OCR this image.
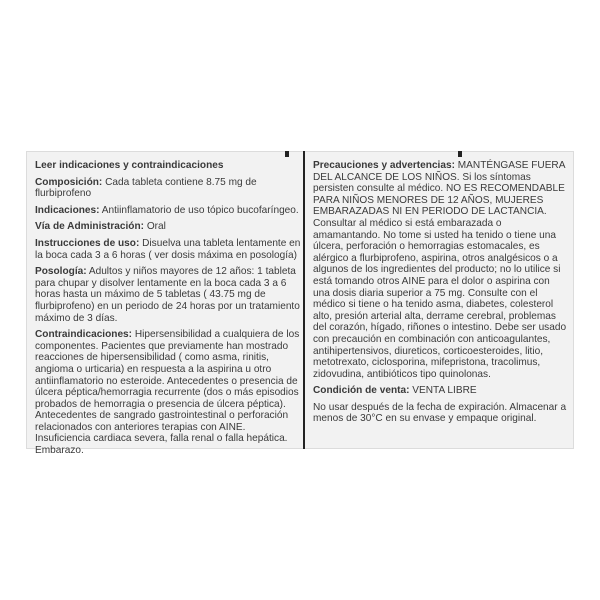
Leer indicaciones y contraindicaciones
Composición: Cada tableta contiene 8.75 mg de flurbiprofeno
Indicaciones: Antiinflamatorio de uso tópico bucofaríngeo.
Vía de Administración: Oral
Instrucciones de uso: Disuelva una tableta lentamente en la boca cada 3 a 6 horas ( ver dosis máxima en posología)
Posología: Adultos y niños mayores de 12 años: 1 tableta para chupar y disolver lentamente en la boca cada 3 a 6 horas hasta un máximo de 5 tabletas ( 43.75 mg de flurbiprofeno) en un periodo de 24 horas por un tratamiento máximo de 3 días.
Contraindicaciones: Hipersensibilidad a cualquiera de los componentes. Pacientes que previamente han mostrado reacciones de hipersensibilidad ( como asma, rinitis, angioma o urticaria) en respuesta a la aspirina u otro antiinflamatorio no esteroide. Antecedentes o presencia de úlcera péptica/hemorragia recurrente (dos o más episodios probados de hemorragia o presencia de úlcera péptica). Antecedentes de sangrado gastrointestinal o perforación relacionados con anteriores terapias con AINE. Insuficiencia cardiaca severa, falla renal o falla hepática. Embarazo.
Precauciones y advertencias: MANTÉNGASE FUERA DEL ALCANCE DE LOS NIÑOS. Si los síntomas persisten consulte al médico. NO ES RECOMENDABLE PARA NIÑOS MENORES DE 12 AÑOS, MUJERES EMBARAZADAS NI EN PERIODO DE LACTANCIA. Consultar al médico si está embarazada o amamantando. No tome si usted ha tenido o tiene una úlcera, perforación o hemorragias estomacales, es alérgico a flurbiprofeno, aspirina, otros analgésicos o a algunos de los ingredientes del producto; no lo utilice si está tomando otros AINE para el dolor o aspirina con una dosis diaria superior a 75 mg. Consulte con el médico si tiene o ha tenido asma, diabetes, colesterol alto, presión arterial alta, derrame cerebral, problemas del corazón, hígado, riñones o intestino. Debe ser usado con precaución en combinación con anticoagulantes, antihipertensivos, diureticos, corticoesteroides, litio, metotrexato, ciclosporina, mifepristona, tracolimus, zidovudina, antibióticos tipo quinolonas.
Condición de venta: VENTA LIBRE
No usar después de la fecha de expiración. Almacenar a menos de 30°C en su envase y empaque original.
